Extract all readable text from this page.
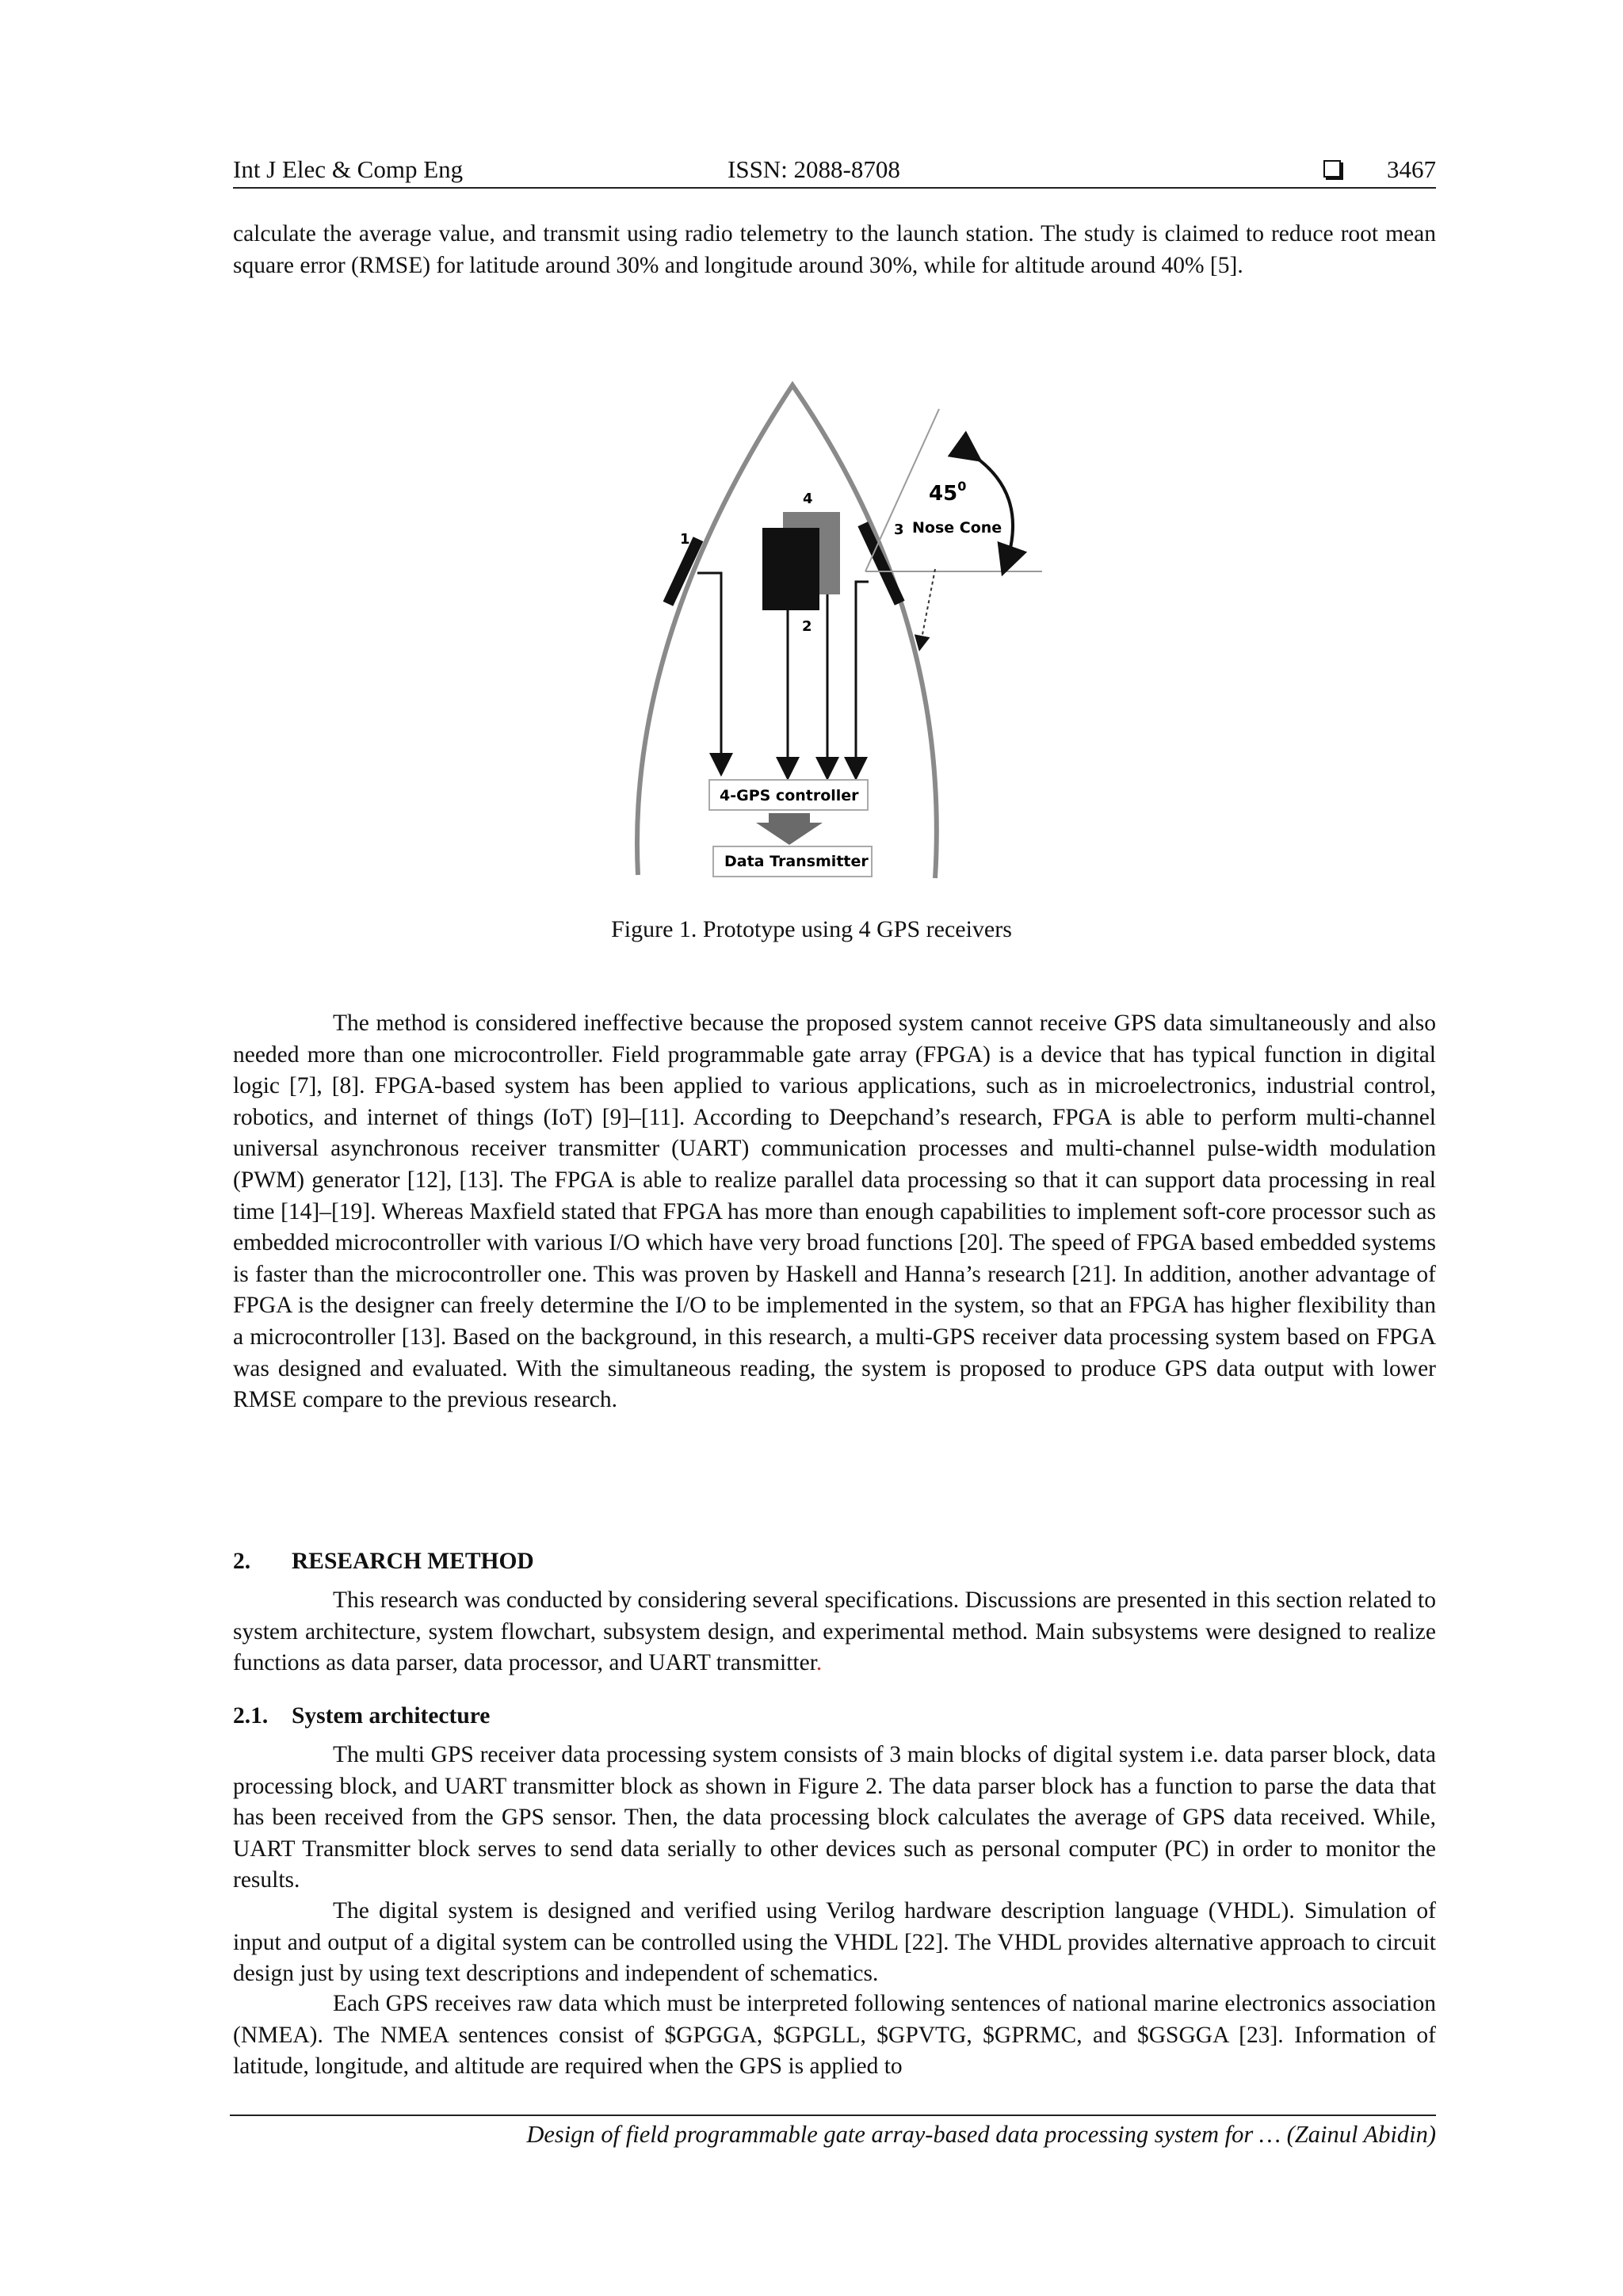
Int J Elec & Comp Eng	ISSN: 2088-8708	3467

calculate the average value, and transmit using radio telemetry to the launch station. The study is claimed to reduce root mean square error (RMSE) for latitude around 30% and longitude around 30%, while for altitude around 40% [5].

1
4
2
3
$45^0$
Nose Cone
4-GPS controller
Data Transmitter
Figure 1. Prototype using 4 GPS receivers

The method is considered ineffective because the proposed system cannot receive GPS data simultaneously and also needed more than one microcontroller. Field programmable gate array (FPGA) is a device that has typical function in digital logic [7], [8]. FPGA-based system has been applied to various applications, such as in microelectronics, industrial control, robotics, and internet of things (IoT) [9]–[11]. According to Deepchand’s research, FPGA is able to perform multi-channel universal asynchronous receiver transmitter (UART) communication processes and multi-channel pulse-width modulation (PWM) generator [12], [13]. The FPGA is able to realize parallel data processing so that it can support data processing in real time [14]–[19]. Whereas Maxfield stated that FPGA has more than enough capabilities to implement soft-core processor such as embedded microcontroller with various I/O which have very broad functions [20]. The speed of FPGA based embedded systems is faster than the microcontroller one. This was proven by Haskell and Hanna’s research [21]. In addition, another advantage of FPGA is the designer can freely determine the I/O to be implemented in the system, so that an FPGA has higher flexibility than a microcontroller [13]. Based on the background, in this research, a multi-GPS receiver data processing system based on FPGA was designed and evaluated. With the simultaneous reading, the system is proposed to produce GPS data output with lower RMSE compare to the previous research.

2. RESEARCH METHOD

This research was conducted by considering several specifications. Discussions are presented in this section related to system architecture, system flowchart, subsystem design, and experimental method. Main subsystems were designed to realize functions as data parser, data processor, and UART transmitter.

2.1. System architecture

The multi GPS receiver data processing system consists of 3 main blocks of digital system i.e. data parser block, data processing block, and UART transmitter block as shown in Figure 2. The data parser block has a function to parse the data that has been received from the GPS sensor. Then, the data processing block calculates the average of GPS data received. While, UART Transmitter block serves to send data serially to other devices such as personal computer (PC) in order to monitor the results.

The digital system is designed and verified using Verilog hardware description language (VHDL). Simulation of input and output of a digital system can be controlled using the VHDL [22]. The VHDL provides alternative approach to circuit design just by using text descriptions and independent of schematics.

Each GPS receives raw data which must be interpreted following sentences of national marine electronics association (NMEA). The NMEA sentences consist of $GPGGA, $GPGLL, $GPVTG, $GPRMC, and $GSGGA [23]. Information of latitude, longitude, and altitude are required when the GPS is applied to

Design of field programmable gate array-based data processing system for … (Zainul Abidin)
